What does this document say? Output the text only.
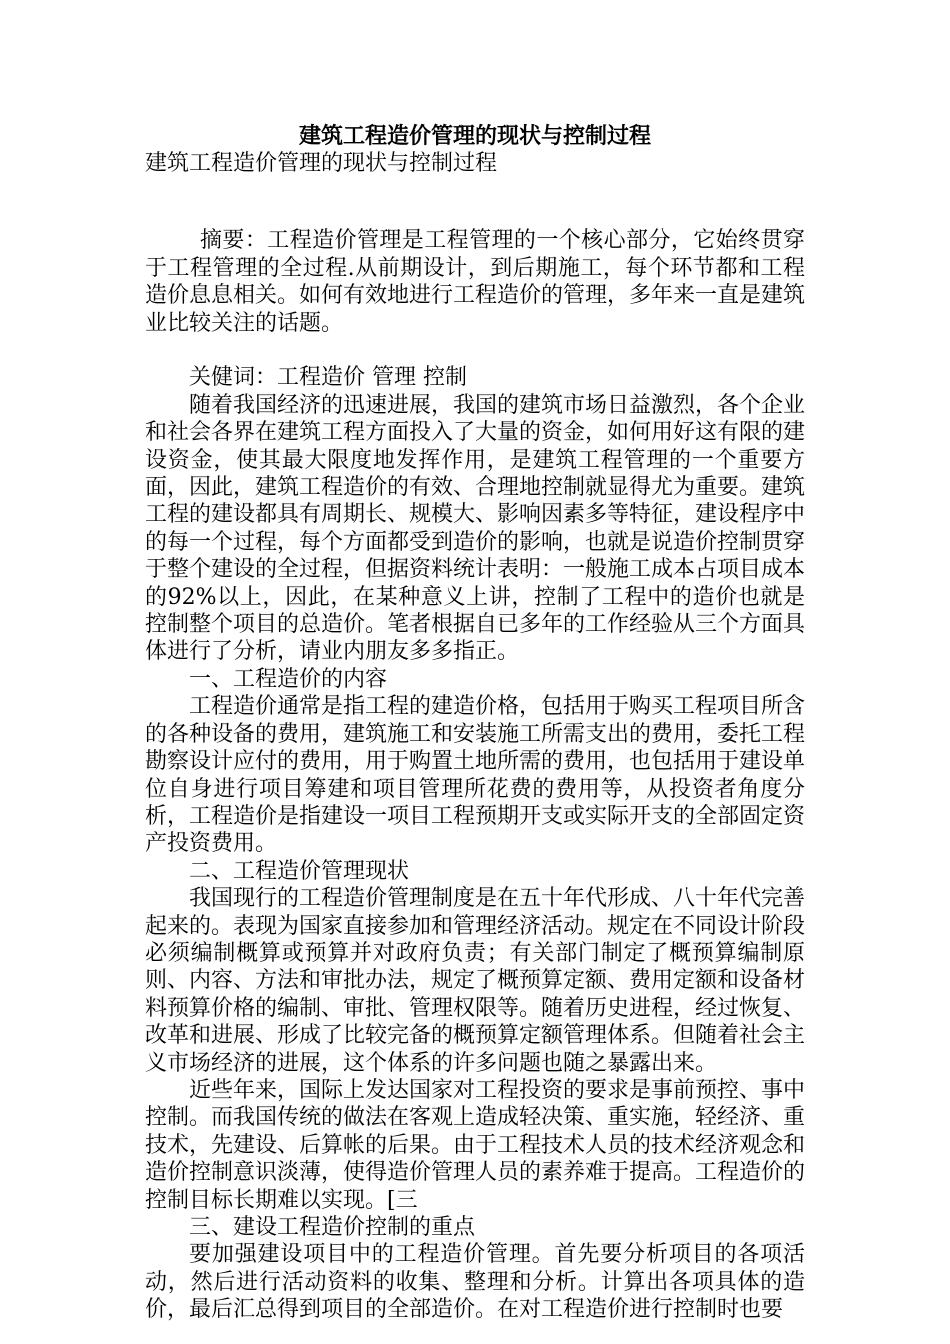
建筑工程造价管理的现状与控制过程

建筑工程造价管理的现状与控制过程

摘要：工程造价管理是工程管理的一个核心部分，它始终贯穿于工程管理的全过程.从前期设计，到后期施工，每个环节都和工程造价息息相关。如何有效地进行工程造价的管理，多年来一直是建筑业比较关注的话题。

关健词：工程造价 管理 控制

随着我国经济的迅速进展，我国的建筑市场日益激烈，各个企业和社会各界在建筑工程方面投入了大量的资金，如何用好这有限的建设资金，使其最大限度地发挥作用，是建筑工程管理的一个重要方面，因此，建筑工程造价的有效、合理地控制就显得尤为重要。建筑工程的建设都具有周期长、规模大、影响因素多等特征，建设程序中的每一个过程，每个方面都受到造价的影响，也就是说造价控制贯穿于整个建设的全过程，但据资料统计表明：一般施工成本占项目成本的92%以上，因此，在某种意义上讲，控制了工程中的造价也就是控制整个项目的总造价。笔者根据自已多年的工作经验从三个方面具体进行了分析，请业内朋友多多指正。

一、工程造价的内容

工程造价通常是指工程的建造价格，包括用于购买工程项目所含的各种设备的费用，建筑施工和安装施工所需支出的费用，委托工程勘察设计应付的费用，用于购置土地所需的费用，也包括用于建设单位自身进行项目筹建和项目管理所花费的费用等，从投资者角度分析，工程造价是指建设一项目工程预期开支或实际开支的全部固定资产投资费用。

二、工程造价管理现状

我国现行的工程造价管理制度是在五十年代形成、八十年代完善起来的。表现为国家直接参加和管理经济活动。规定在不同设计阶段必须编制概算或预算并对政府负责；有关部门制定了概预算编制原则、内容、方法和审批办法，规定了概预算定额、费用定额和设备材料预算价格的编制、审批、管理权限等。随着历史进程，经过恢复、改革和进展、形成了比较完备的概预算定额管理体系。但随着社会主义市场经济的进展，这个体系的许多问题也随之暴露出来。

近些年来，国际上发达国家对工程投资的要求是事前预控、事中控制。而我国传统的做法在客观上造成轻决策、重实施，轻经济、重技术，先建设、后算帐的后果。由于工程技术人员的技术经济观念和造价控制意识淡薄，使得造价管理人员的素养难于提高。工程造价的控制目标长期难以实现。[三

三、建设工程造价控制的重点

要加强建设项目中的工程造价管理。首先要分析项目的各项活动，然后进行活动资料的收集、整理和分析。计算出各项具体的造价，最后汇总得到项目的全部造价。在对工程造价进行控制时也要
